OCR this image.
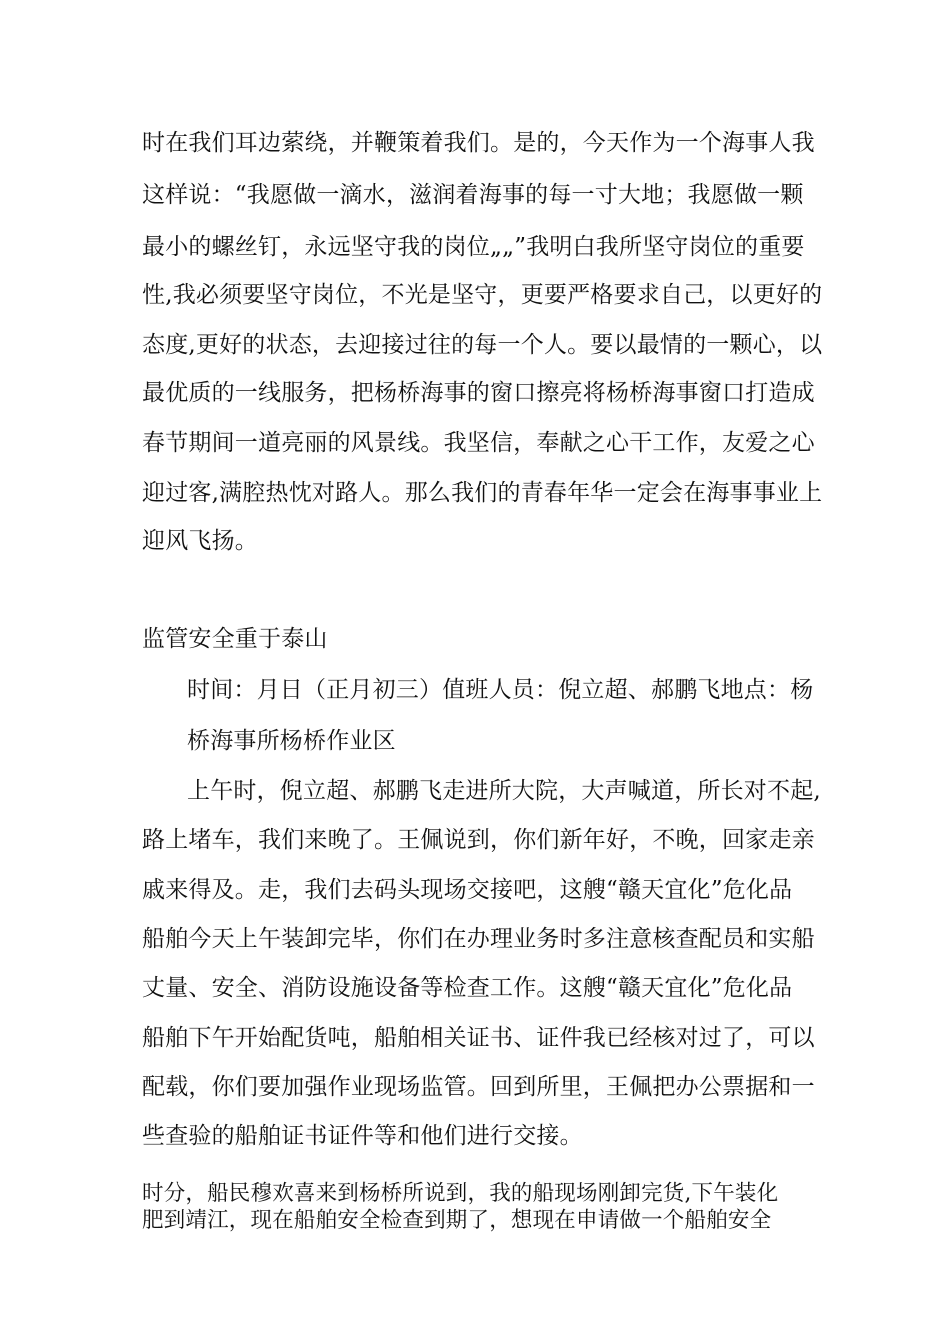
时在我们耳边萦绕，并鞭策着我们。是的，今天作为一个海事人我

这样说：“我愿做一滴水，滋润着海事的每一寸大地；我愿做一颗

最小的螺丝钉，永远坚守我的岗位„„”我明白我所坚守岗位的重要

性,我必须要坚守岗位，不光是坚守，更要严格要求自己，以更好的

态度,更好的状态，去迎接过往的每一个人。要以最情的一颗心，以

最优质的一线服务，把杨桥海事的窗口擦亮将杨桥海事窗口打造成

春节期间一道亮丽的风景线。我坚信，奉献之心干工作，友爱之心

迎过客,满腔热忱对路人。那么我们的青春年华一定会在海事事业上

迎风飞扬。

监管安全重于泰山

时间：月日（正月初三）值班人员：倪立超、郝鹏飞地点：杨

桥海事所杨桥作业区

上午时，倪立超、郝鹏飞走进所大院，大声喊道，所长对不起,

路上堵车，我们来晚了。王佩说到，你们新年好，不晚，回家走亲

戚来得及。走，我们去码头现场交接吧，这艘“赣天宜化”危化品

船舶今天上午装卸完毕，你们在办理业务时多注意核查配员和实船

丈量、安全、消防设施设备等检查工作。这艘“赣天宜化”危化品

船舶下午开始配货吨，船舶相关证书、证件我已经核对过了，可以

配载，你们要加强作业现场监管。回到所里，王佩把办公票据和一

些查验的船舶证书证件等和他们进行交接。

时分，船民穆欢喜来到杨桥所说到，我的船现场刚卸完货,下午装化

肥到靖江，现在船舶安全检查到期了，想现在申请做一个船舶安全
